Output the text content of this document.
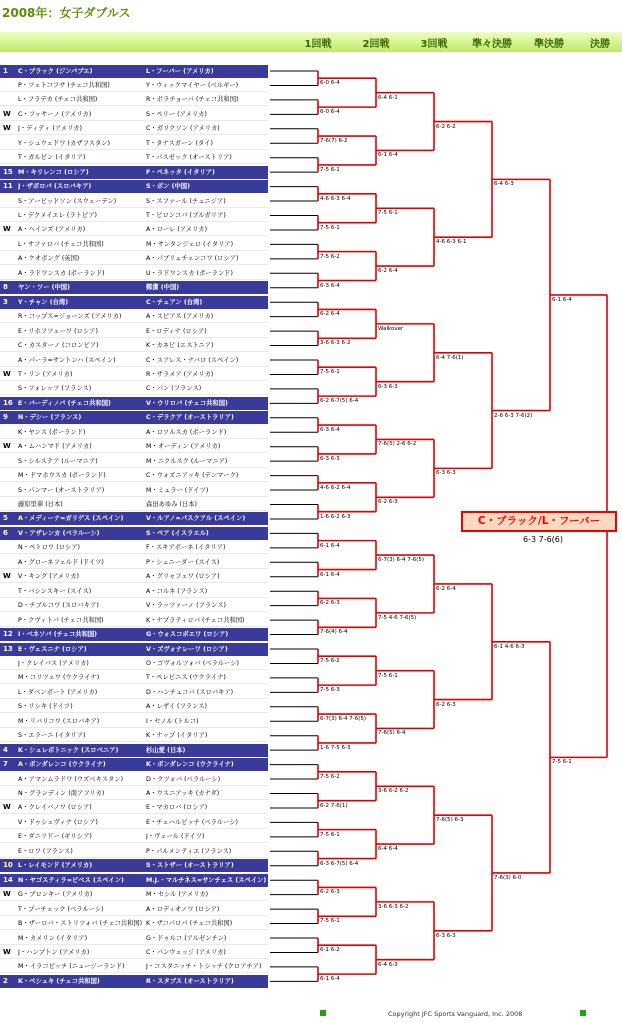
2008年：女子ダブルス
1回戦	2回戦	3回戦	準々決勝	準決勝	決勝
1	C・ブラック (ジンバブエ)	L・フーバー (アメリカ)
P・ツェトコフサ (チェコ共和国)	Y・ウィックマイヤー (ベルギー)
L・フラデカ (チェコ共和国)	R・ボラチョーバ (チェコ共和国)
W	C・フッサーノ (アメリカ)	S・ペリー (アメリカ)
W	J・ディティ (アメリカ)	C・ガリクソン (アメリカ)
Y・シュウェドワ (カザフスタン)	T・タナスガーン (タイ)
T・ガルビン (イタリア)	T・パスゼック (オーストリア)
15 M・キリレンコ (ロシア)	F・ペネッタ (イタリア)
11 J・ザボロバ (スロバキア)	S・ポン (中国)
S・アービッドソン (スウェーデン)	S・スファール (チュニジア)
L・デクメイエレ (ラトビア)	T・ピロンコバ (ブルガリア)
W	A・ヘインズ (アメリカ)	A・ローレ (アメリカ)
L・サファロバ (チェコ共和国)	M・サンタンジェロ (イタリア)
A・ケオボング (英国)	A・パブリュチェンコワ (ロシア)
A・ラドワンスカ (ポーランド)	U・ラドワンスカ (ポーランド)
8	ヤン・ツー (中国)	鄭潔 (中国)
3	Y・チャン (台湾)	C・チュアン (台湾)
R・コップス=ジョーンズ (アメリカ)	A・スピアス (アメリカ)
E・リホフツェーワ (ロシア)	E・ロディナ (ロシア)
C・カスターノ (コロンビア)	K・カネピ (エストニア)
A・パーラ=サントンハ (スペイン)	C・スアレス・ナバロ (スペイン)
W	T・リン (アメリカ)	R・サラメア (アメリカ)
S・フォレッツ (フランス)	C・パン (フランス)
16 E・バーディノバ (チェコ共和国)	V・ウリロバ (チェコ共和国)
9	N・デシー (フランス)	C・デラクア (オーストラリア)
K・ヤンス (ポーランド)	A・ロソルスカ (ポーランド)
W	A・ムハンマド (アメリカ)	M・オーディン (アメリカ)
S・シルステア (ルーマニア)	M・ニクルスク (ルーマニア)
M・ドマホウスカ (ポーランド)	C・ウォズニアッキ (デンマーク)
S・パンマー (オーストラリア)	M・ミュラー (ドイツ)
藤原里華 (日本)	森田あゆみ (日本)
5	A・メディーナ=ガリゲス (スペイン)	V・ルアノ=パスクアル (スペイン)
6	V・アザレンカ (ベラルーシ)	S・ペア (イスラエル)
N・ペトロワ (ロシア)	F・スキアボーネ (イタリア)
A・グローネフェルド (ドイツ)	P・シュニーダー (スイス)
W	V・キング (アメリカ)	A・グリャフェワ (ロシア)
T・バシンスキー (スイス)	A・コルネ (フランス)
D・チブルコワ (スロバキア)	V・ラッツァーノ (フランス)
P・クヴィトバ (チェコ共和国)	K・ナプラティロバ (チェコ共和国)
12 I・ベネソバ (チェコ共和国)	G・ウォスコボエワ (ロシア)
13 E・ヴェスニナ (ロシア)	V・ズヴォナレーワ (ロシア)
J・クレイバス (アメリカ)	O・ゴヴォルツォバ (ベラルーシ)
M・コリツェワ (ウクライナ)	T・ペレビニス (ウクライナ)
L・ダベンポート (アメリカ)	D・ハンチュコバ (スロバキア)
S・リシキ (ドイツ)	A・レザイ (フランス)
M・リバリコワ (スロバキア)	I・セノル (トルコ)
S・エラーニ (イタリア)	K・ナップ (イタリア)
4	K・シュレボトニック (スロベニア)	杉山愛 (日本)
7	A・ボンダレンコ (ウクライナ)	K・ボンダレンコ (ウクライナ)
A・アマンムラドワ (ウズベキスタン)	D・クツォバ (ベラルーシ)
N・グランディン (南アフリカ)	A・ウスニアッキ (カナダ)
W	A・クレイバノワ (ロシア)	E・マカロバ (ロシア)
V・ドゥシェヴィナ (ロシア)	E・チェハルビッチ (ベラルーシ)
E・ダニリドー (ギリシア)	J・ヴェール (ドイツ)
E・ロワ (フランス)	P・パルメンティエ (フランス)
10 L・レイモンド (アメリカ)	S・ストザー (オーストラリア)
14 N・ヤゴスティラ=ビベス (スペイン)	M.J.・マルチネス=サンチェス (スペイン)
W	G・ブロンキー (アメリカ)	M・セシル (アメリカ)
T・プーチェック (ベラルーシ)	A・ロディオノワ (ロシア)
B・ザーロバ・ストリツォバ (チェコ共和国) K・ザコパロバ (チェコ共和国)
M・カメリン (イタリア)	G・ドゥルコ (アルゼンチン)
W	J・ハンプトン (アメリカ)	C・バンウェッジ (アメリカ)
M・イラコビッチ (ニュージーランド)	J・コスタニッチ・トシッチ (クロアチア)
2	K・ペシュキ (チェコ共和国)	R・スタブス (オーストラリア)
6-0 6-4
6-0 6-4
7-6(7) 6-2
7-5 6-1
4-6 6-3 6-4
7-5 6-1
7-5 6-2
6-3 6-4
6-2 6-4
3-6 6-3 6-2
7-5 6-1
6-2 6-7(5) 6-4
6-3 6-4
6-3 6-3
4-6 6-2 6-4
1-6 6-2 6-3
6-1 6-4
6-1 6-4
6-2 6-3
7-6(4) 6-4
7-5 6-2
7-5 6-3
6-7(3) 6-4 7-6(5)
1-6 7-5 6-3
7-5 6-2
6-2 7-6(1)
7-5 6-1
6-3 6-7(5) 6-4
6-2 6-3
7-5 6-1
6-1 6-2
6-1 6-4
6-4 6-1
6-1 6-4
7-5 6-1
6-2 6-4
Walkover
6-3 6-3
7-6(5) 2-6 6-2
6-2 6-3
6-7(3) 6-4 7-6(5)
7-5 4-6 7-6(5)
7-5 6-1
7-6(5) 6-4
3-6 6-2 6-2
6-4 6-4
3-6 6-3 6-2
6-4 6-3
6-2 6-2
4-6 6-3 6-1
6-4 7-6(1)
6-3 6-3
6-2 6-4
6-2 6-3
7-6(5) 6-3
6-3 6-3
6-4 6-3
2-6 6-3 7-6(2)
6-1 4-6 6-3
7-6(3) 6-0
6-1 6-4
7-5 6-1
C・ブラック/L・フーバー
6-3 7-6(6)
Copyright JFC Sports Vanguard, Inc. 2008
